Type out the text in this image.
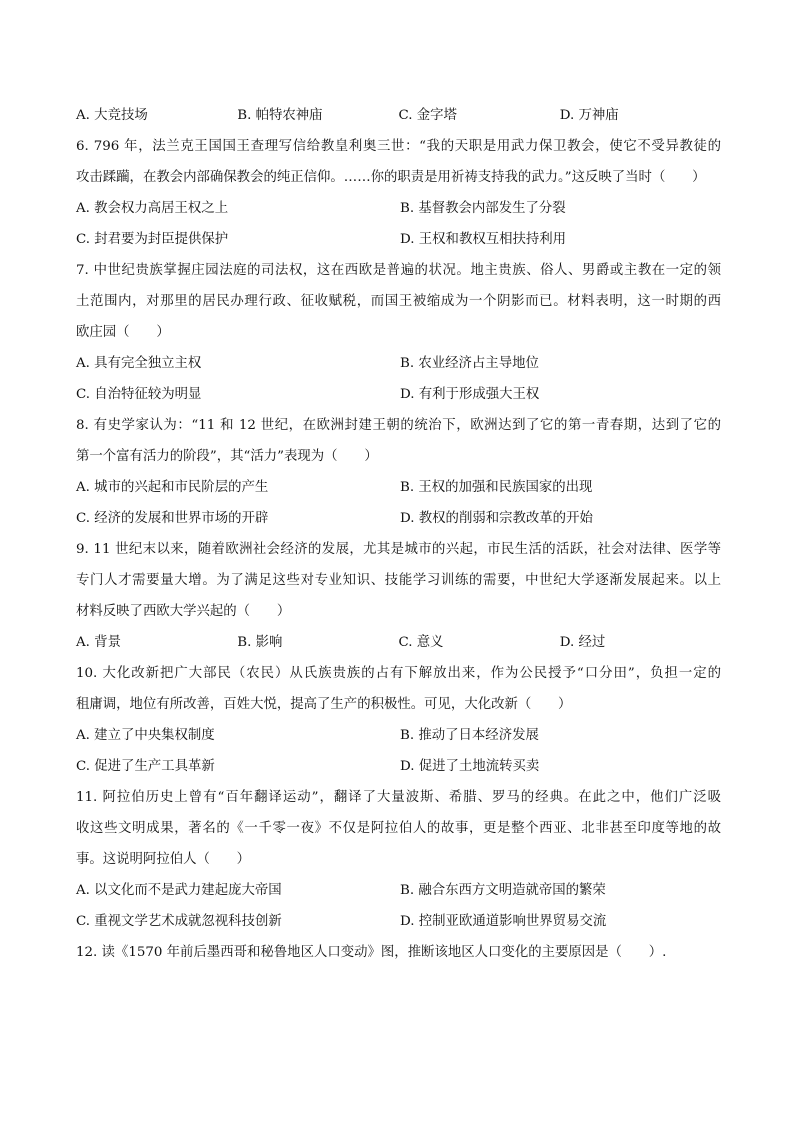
A. 大竞技场	B. 帕特农神庙	C. 金字塔	D. 万神庙
6. 796 年，法兰克王国国王查理写信给教皇利奥三世：“我的天职是用武力保卫教会，使它不受异教徒的
攻击蹂躏，在教会内部确保教会的纯正信仰。……你的职责是用祈祷支持我的武力。”这反映了当时（　　）
A. 教会权力高居王权之上	B. 基督教会内部发生了分裂
C. 封君要为封臣提供保护	D. 王权和教权互相扶持利用
7. 中世纪贵族掌握庄园法庭的司法权，这在西欧是普遍的状况。地主贵族、俗人、男爵或主教在一定的领
土范围内，对那里的居民办理行政、征收赋税，而国王被缩成为一个阴影而已。材料表明，这一时期的西
欧庄园（　　）
A. 具有完全独立主权	B. 农业经济占主导地位
C. 自治特征较为明显	D. 有利于形成强大王权
8. 有史学家认为：“11 和 12 世纪，在欧洲封建王朝的统治下，欧洲达到了它的第一青春期，达到了它的
第一个富有活力的阶段”，其“活力”表现为（　　）
A. 城市的兴起和市民阶层的产生	B. 王权的加强和民族国家的出现
C. 经济的发展和世界市场的开辟	D. 教权的削弱和宗教改革的开始
9. 11 世纪末以来，随着欧洲社会经济的发展，尤其是城市的兴起，市民生活的活跃，社会对法律、医学等
专门人才需要量大增。为了满足这些对专业知识、技能学习训练的需要，中世纪大学逐渐发展起来。以上
材料反映了西欧大学兴起的（　　）
A. 背景	B. 影响	C. 意义	D. 经过
10. 大化改新把广大部民（农民）从氏族贵族的占有下解放出来，作为公民授予“口分田”，负担一定的
租庸调，地位有所改善，百姓大悦，提高了生产的积极性。可见，大化改新（　　）
A. 建立了中央集权制度	B. 推动了日本经济发展
C. 促进了生产工具革新	D. 促进了土地流转买卖
11. 阿拉伯历史上曾有“百年翻译运动”，翻译了大量波斯、希腊、罗马的经典。在此之中，他们广泛吸
收这些文明成果，著名的《一千零一夜》不仅是阿拉伯人的故事，更是整个西亚、北非甚至印度等地的故
事。这说明阿拉伯人（　　）
A. 以文化而不是武力建起庞大帝国	B. 融合东西方文明造就帝国的繁荣
C. 重视文学艺术成就忽视科技创新	D. 控制亚欧通道影响世界贸易交流
12. 读《1570 年前后墨西哥和秘鲁地区人口变动》图，推断该地区人口变化的主要原因是（　　）.
